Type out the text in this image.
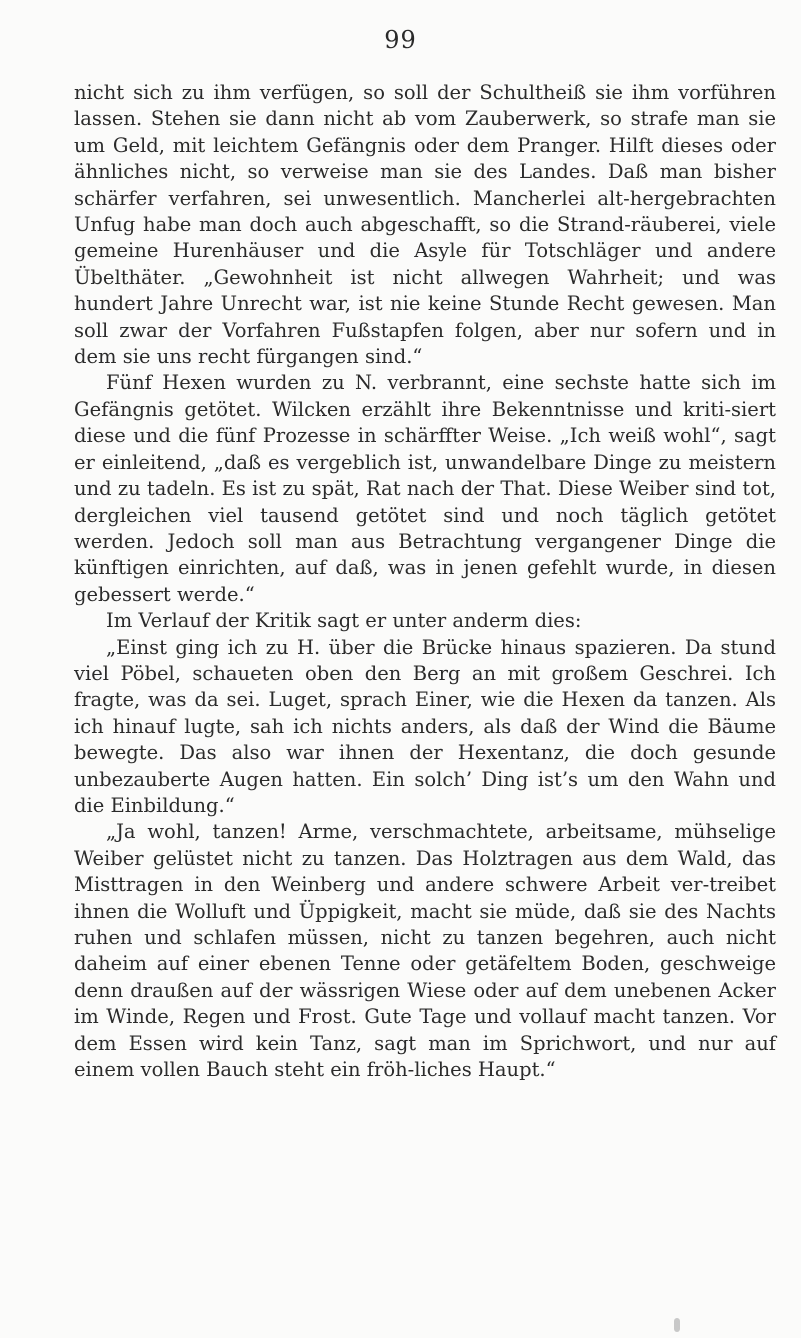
99

nicht sich zu ihm verfügen, so soll der Schultheiß sie ihm vorführen lassen. Stehen sie dann nicht ab vom Zauberwerk, so strafe man sie um Geld, mit leichtem Gefängnis oder dem Pranger. Hilft dieses oder ähnliches nicht, so verweise man sie des Landes. Daß man bisher schärfer verfahren, sei unwesentlich. Mancherlei alt-hergebrachten Unfug habe man doch auch abgeschafft, so die Strand-räuberei, viele gemeine Hurenhäuser und die Asyle für Totschläger und andere Übelthäter. „Gewohnheit ist nicht allwegen Wahrheit; und was hundert Jahre Unrecht war, ist nie keine Stunde Recht gewesen. Man soll zwar der Vorfahren Fußstapfen folgen, aber nur sofern und in dem sie uns recht fürgangen sind.“

Fünf Hexen wurden zu N. verbrannt, eine sechste hatte sich im Gefängnis getötet. Wilcken erzählt ihre Bekenntnisse und kriti-siert diese und die fünf Prozesse in schärffter Weise. „Ich weiß wohl“, sagt er einleitend, „daß es vergeblich ist, unwandelbare Dinge zu meistern und zu tadeln. Es ist zu spät, Rat nach der That. Diese Weiber sind tot, dergleichen viel tausend getötet sind und noch täglich getötet werden. Jedoch soll man aus Betrachtung vergangener Dinge die künftigen einrichten, auf daß, was in jenen gefehlt wurde, in diesen gebessert werde.“

Im Verlauf der Kritik sagt er unter anderm dies:

„Einst ging ich zu H. über die Brücke hinaus spazieren. Da stund viel Pöbel, schaueten oben den Berg an mit großem Geschrei. Ich fragte, was da sei. Luget, sprach Einer, wie die Hexen da tanzen. Als ich hinauf lugte, sah ich nichts anders, als daß der Wind die Bäume bewegte. Das also war ihnen der Hexentanz, die doch gesunde unbezauberte Augen hatten. Ein solch’ Ding ist’s um den Wahn und die Einbildung.“

„Ja wohl, tanzen! Arme, verschmachtete, arbeitsame, mühselige Weiber gelüstet nicht zu tanzen. Das Holztragen aus dem Wald, das Misttragen in den Weinberg und andere schwere Arbeit ver-treibet ihnen die Wolluft und Üppigkeit, macht sie müde, daß sie des Nachts ruhen und schlafen müssen, nicht zu tanzen begehren, auch nicht daheim auf einer ebenen Tenne oder getäfeltem Boden, geschweige denn draußen auf der wässrigen Wiese oder auf dem unebenen Acker im Winde, Regen und Frost. Gute Tage und vollauf macht tanzen. Vor dem Essen wird kein Tanz, sagt man im Sprichwort, und nur auf einem vollen Bauch steht ein fröh-liches Haupt.“
